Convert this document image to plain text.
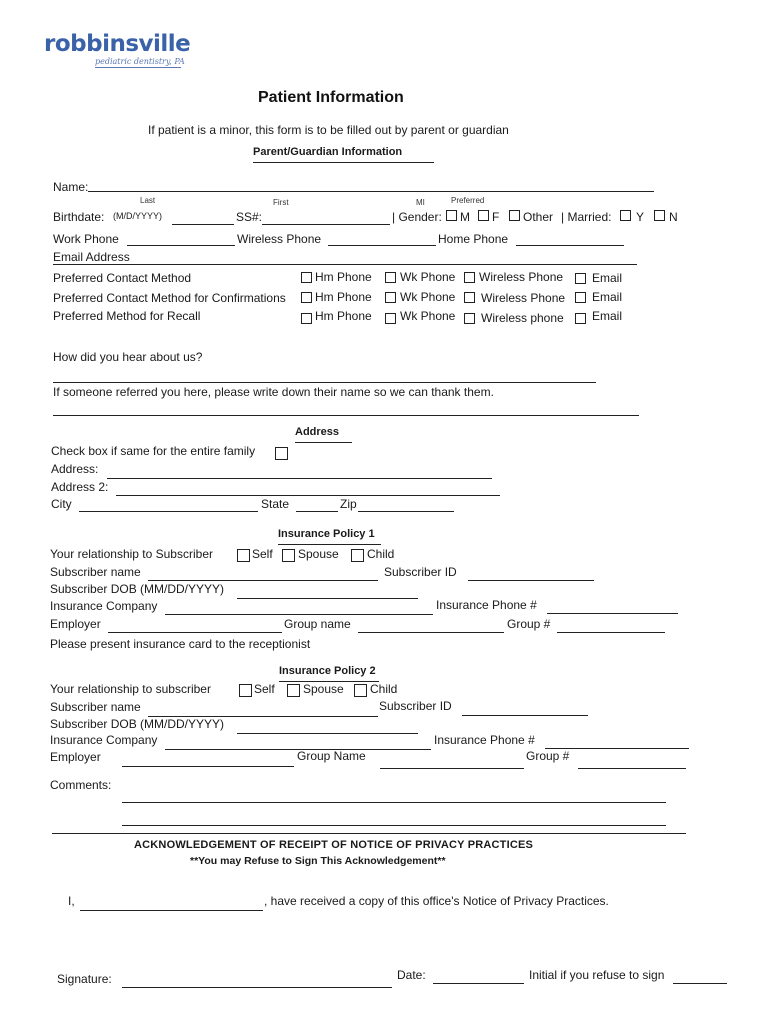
robbinsville
pediatric dentistry, PA
Patient Information
If patient is a minor, this form is to be filled out by parent or guardian
Parent/Guardian Information
Name:
Last	First	MI	Preferred
Birthdate: (M/D/YYYY)	SS#:	| Gender: M F Other | Married: Y N
Work Phone	Wireless Phone	Home Phone
Email Address
Preferred Contact Method	Hm Phone Wk Phone Wireless Phone Email
Preferred Contact Method for Confirmations Hm Phone Wk Phone Wireless Phone Email
Preferred Method for Recall	Hm Phone Wk Phone Wireless phone Email
How did you hear about us?
If someone referred you here, please write down their name so we can thank them.
Address
Check box if same for the entire family
Address:
Address 2:
City	State	Zip
Insurance Policy 1
Your relationship to Subscriber	Self Spouse Child
Subscriber name	Subscriber ID
Subscriber DOB (MM/DD/YYYY)
Insurance Company	Insurance Phone #
Employer	Group name	Group #
Please present insurance card to the receptionist
Insurance Policy 2
Your relationship to subscriber	Self Spouse Child
Subscriber name	Subscriber ID
Subscriber DOB (MM/DD/YYYY)
Insurance Company	Insurance Phone #
Employer	Group Name	Group #
Comments:
ACKNOWLEDGEMENT OF RECEIPT OF NOTICE OF PRIVACY PRACTICES
**You may Refuse to Sign This Acknowledgement**
I,	, have received a copy of this office's Notice of Privacy Practices.
Signature:	Date:	Initial if you refuse to sign
